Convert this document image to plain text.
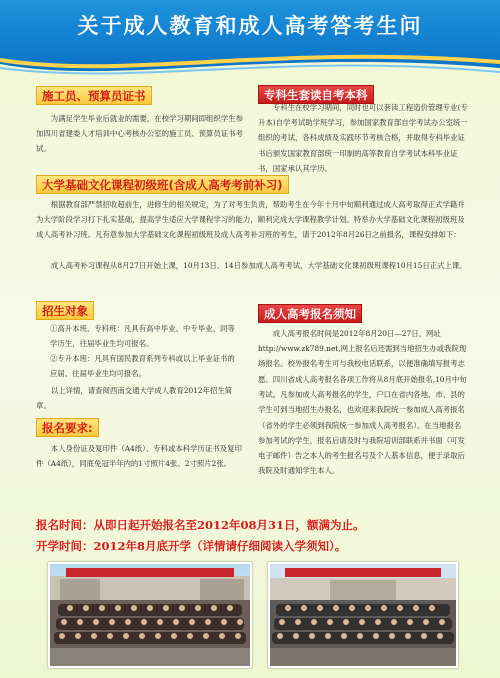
关于成人教育和成人高考答考生问
施工员、预算员证书
为满足学生毕业后就业的需要，在校学习期间即组织学生参加四川省建委人才培训中心考核办公室的施工员、预算员证书考试。
专科生套读自考本科
专科生在校学习期间，同时也可以套读工程造价管理专业(专升本)自学考试助学班学习，参加国家教育部自学考试办公室统一组织的考试，各科成绩及实践环节考核合格，并取得专科毕业证书后颁发国家教育部统一印制的高等教育自学考试本科毕业证书，国家承认其学历。
大学基础文化课程初级班(含成人高考考前补习)
根据教育部严禁招收超前生，进修生的相关规定，为了对考生负责，帮助考生在今年十月中旬顺利通过成人高考取得正式学籍并为大学阶段学习打下扎实基础，提高学生适应大学课程学习的能力，顺利完成大学课程教学计划。特举办大学基础文化课程初级班及成人高考补习班。凡有意参加大学基础文化课程初级班及成人高考补习班的考生，请于2012年8月26日之前报名，课程安排如下：
成人高考补习课程从8月27日开始上课，10月13日、14日参加成人高考考试，大学基础文化课初级班课程10月15日正式上课。
招生对象
①高升本班、专科班：凡具有高中毕业、中专毕业、同等学历生，往届毕业生均可报名。
②专升本班：凡具有国民教育系列专科或以上毕业证书的应届、往届毕业生均可报名。
以上详情，请查阅西南交通大学成人教育2012年招生简章。
报名要求:
本人身份证及复印件（A4纸）、专科或本科学历证书及复印件（A4纸），同底免冠半年内的1寸照片4张、2寸照片2张。
成人高考报名须知
成人高考报名时间是2012年8月20日—27日，网址http://www.zk789.net,网上报名后还需到当地招生办或我院现场报名。校外报名考生可与我校电话联系，以便准确填写报考志愿。 四川省成人高考报名各项工作将从8月底开始报名,10月中旬考试。凡参加成人高考报名的学生，户口在省内各地、市、县的学生可到当地招生办报名，也欢迎来我院统一参加成人高考报名（省外的学生必须到我院统一参加成人高考报名）。在当地报名参加考试的学生，报名后请及时与我院培训部联系并书面（可发电子邮件）告之本人的考生报名号及个人基本信息，便于录取后我院及时通知学生本人。
报名时间：从即日起开始报名至2012年08月31日，额满为止。
开学时间：2012年8月底开学（详情请仔细阅读入学须知）。
